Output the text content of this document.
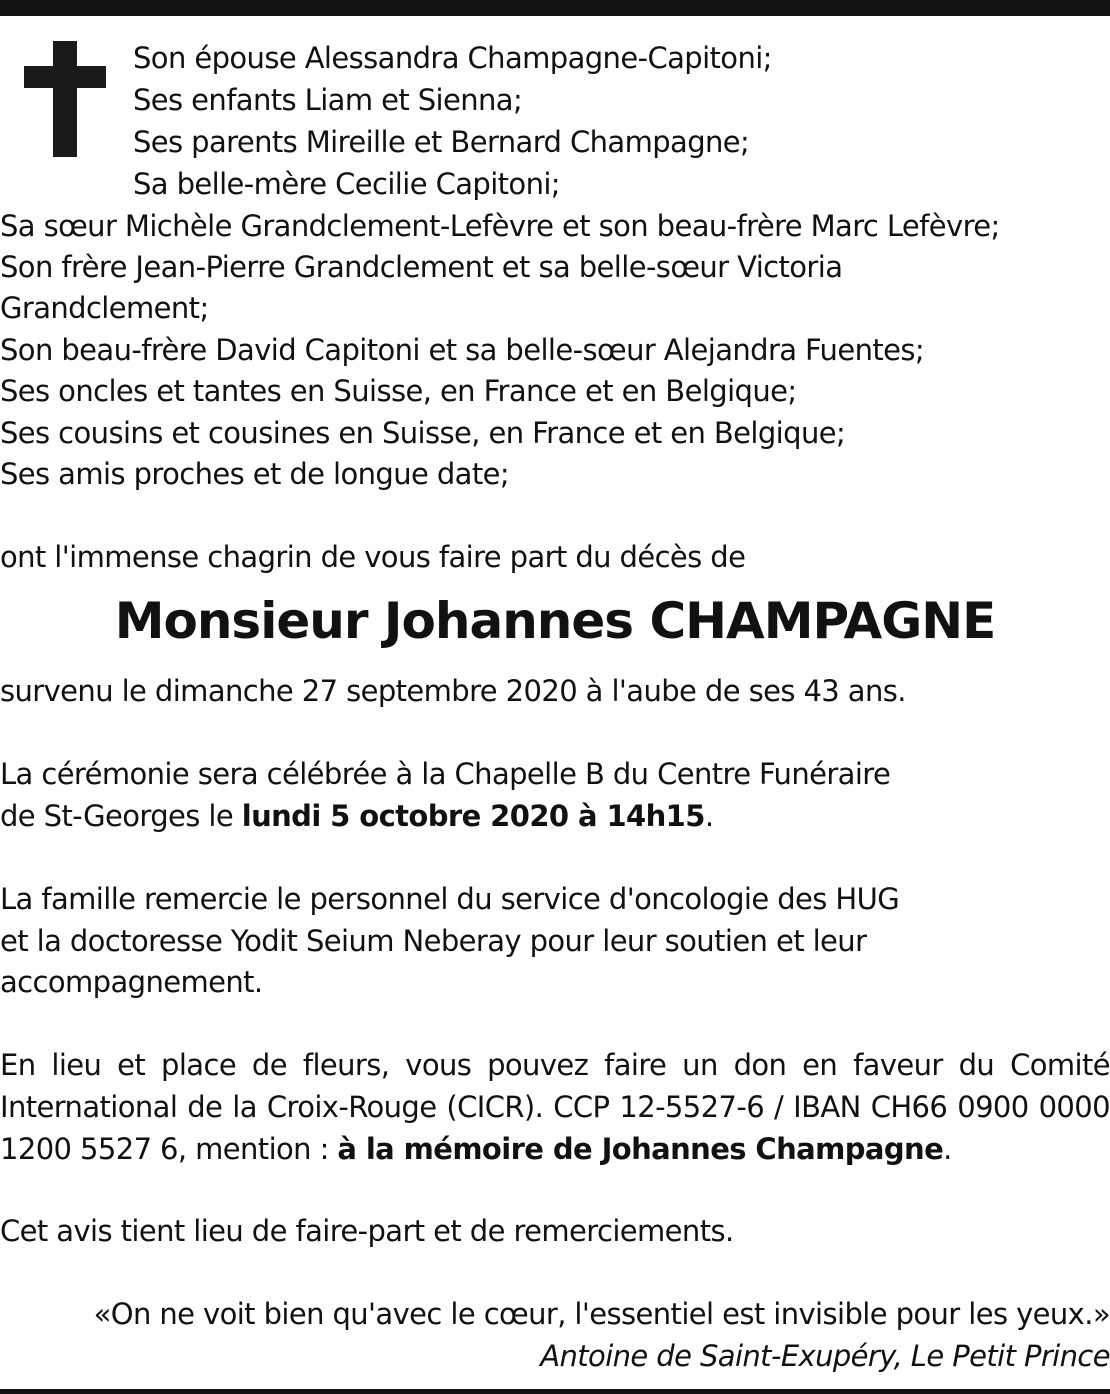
Son épouse Alessandra Champagne-Capitoni;
Ses enfants Liam et Sienna;
Ses parents Mireille et Bernard Champagne;
Sa belle-mère Cecilie Capitoni;
Sa sœur Michèle Grandclement-Lefèvre et son beau-frère Marc Lefèvre;
Son frère Jean-Pierre Grandclement et sa belle-sœur Victoria
Grandclement;
Son beau-frère David Capitoni et sa belle-sœur Alejandra Fuentes;
Ses oncles et tantes en Suisse, en France et en Belgique;
Ses cousins et cousines en Suisse, en France et en Belgique;
Ses amis proches et de longue date;
ont l'immense chagrin de vous faire part du décès de
Monsieur Johannes CHAMPAGNE
survenu le dimanche 27 septembre 2020 à l'aube de ses 43 ans.
La cérémonie sera célébrée à la Chapelle B du Centre Funéraire
de St-Georges le lundi 5 octobre 2020 à 14h15.
La famille remercie le personnel du service d'oncologie des HUG
et la doctoresse Yodit Seium Neberay pour leur soutien et leur
accompagnement.
En lieu et place de fleurs, vous pouvez faire un don en faveur du Comité International de la Croix-Rouge (CICR). CCP 12-5527-6 / IBAN CH66 0900 0000 1200 5527 6, mention : à la mémoire de Johannes Champagne.
Cet avis tient lieu de faire-part et de remerciements.
«On ne voit bien qu'avec le cœur, l'essentiel est invisible pour les yeux.»
Antoine de Saint-Exupéry, Le Petit Prince
